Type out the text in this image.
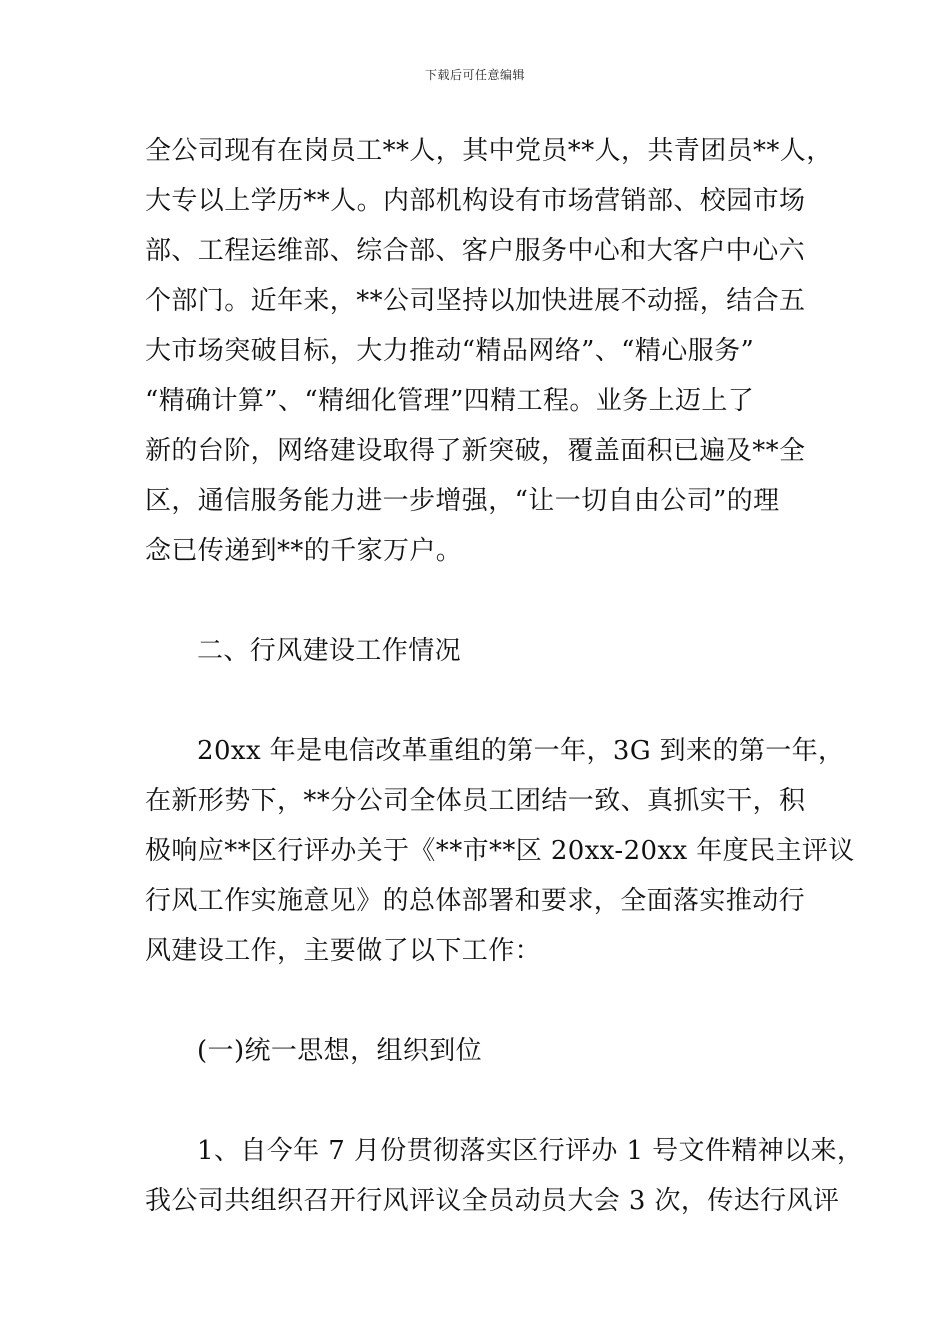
下载后可任意编辑
全公司现有在岗员工**人，其中党员**人，共青团员**人，
大专以上学历**人。内部机构设有市场营销部、校园市场
部、工程运维部、综合部、客户服务中心和大客户中心六
个部门。近年来，**公司坚持以加快进展不动摇，结合五
大市场突破目标，大力推动“精品网络”、“精心服务”
“精确计算”、“精细化管理”四精工程。业务上迈上了
新的台阶，网络建设取得了新突破，覆盖面积已遍及**全
区，通信服务能力进一步增强，“让一切自由公司”的理
念已传递到**的千家万户。
二、行风建设工作情况
20xx 年是电信改革重组的第一年，3G 到来的第一年，
在新形势下，**分公司全体员工团结一致、真抓实干，积
极响应**区行评办关于《**市**区 20xx-20xx 年度民主评议
行风工作实施意见》的总体部署和要求，全面落实推动行
风建设工作，主要做了以下工作：
(一)统一思想，组织到位
1、自今年 7 月份贯彻落实区行评办 1 号文件精神以来，
我公司共组织召开行风评议全员动员大会 3 次，传达行风评
